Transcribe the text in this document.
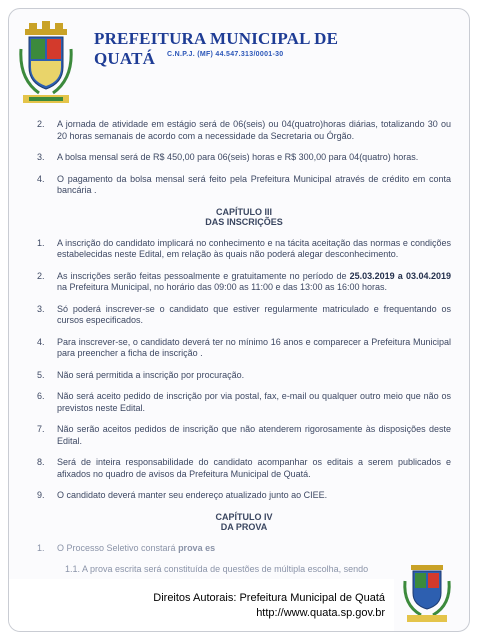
PREFEITURA MUNICIPAL DE QUATÁ	C.N.P.J. (MF) 44.547.313/0001-30
2.	A jornada de atividade em estágio será de 06(seis) ou 04(quatro)horas diárias, totalizando 30 ou 20 horas semanais de acordo com a necessidade da Secretaria ou Órgão.
3.	A bolsa mensal será de R$ 450,00 para 06(seis) horas e R$ 300,00 para 04(quatro) horas.
4.	O pagamento da bolsa mensal será feito pela Prefeitura Municipal através de crédito em conta bancária .
CAPÍTULO III
DAS INSCRIÇÕES
1.	A inscrição do candidato implicará no conhecimento e na tácita aceitação das normas e condições estabelecidas neste Edital, em relação às quais não poderá alegar desconhecimento.
2.	As inscrições serão feitas pessoalmente e gratuitamente no período de 25.03.2019 a 03.04.2019 na Prefeitura Municipal, no horário das 09:00 as 11:00 e das 13:00 as 16:00 horas.
3.	Só poderá inscrever-se o candidato que estiver regularmente matriculado e frequentando os cursos especificados.
4.	Para inscrever-se, o candidato deverá ter no mínimo 16 anos e comparecer a Prefeitura Municipal para preencher a ficha de inscrição .
5.	Não será permitida a inscrição por procuração.
6.	Não será aceito pedido de inscrição por via postal, fax, e-mail ou qualquer outro meio que não os previstos neste Edital.
7.	Não serão aceitos pedidos de inscrição que não atenderem rigorosamente às disposições deste Edital.
8.	Será de inteira responsabilidade do candidato acompanhar os editais a serem publicados e afixados no quadro de avisos da Prefeitura Municipal de Quatá.
9.	O candidato deverá manter seu endereço atualizado junto ao CIEE.
CAPÍTULO IV
DA PROVA
1.	O Processo Seletivo constará prova es
1.1. A prova escrita será constituída de questões de múltipla escolha, sendo
Direitos Autorais: Prefeitura Municipal de Quatá
http://www.quata.sp.gov.br
